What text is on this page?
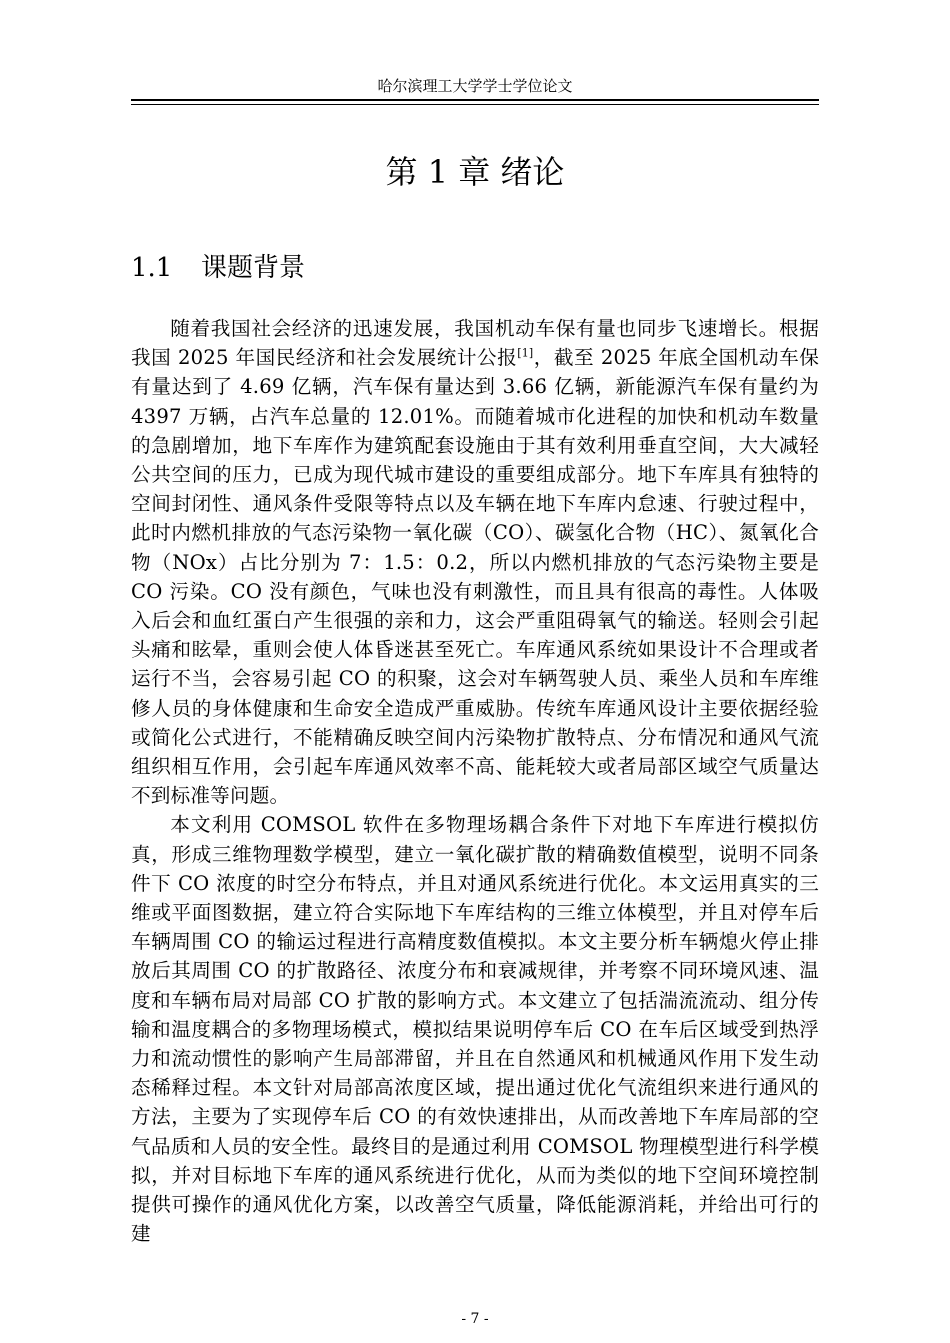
哈尔滨理工大学学士学位论文
第 1 章 绪论
1.1 课题背景

随着我国社会经济的迅速发展，我国机动车保有量也同步飞速增长。根据我国 2025 年国民经济和社会发展统计公报[1]，截至 2025 年底全国机动车保有量达到了 4.69 亿辆，汽车保有量达到 3.66 亿辆，新能源汽车保有量约为 4397 万辆，占汽车总量的 12.01%。而随着城市化进程的加快和机动车数量的急剧增加，地下车库作为建筑配套设施由于其有效利用垂直空间，大大减轻公共空间的压力，已成为现代城市建设的重要组成部分。地下车库具有独特的空间封闭性、通风条件受限等特点以及车辆在地下车库内怠速、行驶过程中，此时内燃机排放的气态污染物一氧化碳（CO）、碳氢化合物（HC）、氮氧化合物（NOx）占比分别为 7：1.5：0.2，所以内燃机排放的气态污染物主要是 CO 污染。CO 没有颜色，气味也没有刺激性，而且具有很高的毒性。人体吸入后会和血红蛋白产生很强的亲和力，这会严重阻碍氧气的输送。轻则会引起头痛和眩晕，重则会使人体昏迷甚至死亡。车库通风系统如果设计不合理或者运行不当，会容易引起 CO 的积聚，这会对车辆驾驶人员、乘坐人员和车库维修人员的身体健康和生命安全造成严重威胁。传统车库通风设计主要依据经验或简化公式进行，不能精确反映空间内污染物扩散特点、分布情况和通风气流组织相互作用，会引起车库通风效率不高、能耗较大或者局部区域空气质量达不到标准等问题。

本文利用 COMSOL 软件在多物理场耦合条件下对地下车库进行模拟仿真，形成三维物理数学模型，建立一氧化碳扩散的精确数值模型，说明不同条件下 CO 浓度的时空分布特点，并且对通风系统进行优化。本文运用真实的三维或平面图数据，建立符合实际地下车库结构的三维立体模型，并且对停车后车辆周围 CO 的输运过程进行高精度数值模拟。本文主要分析车辆熄火停止排放后其周围 CO 的扩散路径、浓度分布和衰减规律，并考察不同环境风速、温度和车辆布局对局部 CO 扩散的影响方式。本文建立了包括湍流流动、组分传输和温度耦合的多物理场模式，模拟结果说明停车后 CO 在车后区域受到热浮力和流动惯性的影响产生局部滞留，并且在自然通风和机械通风作用下发生动态稀释过程。本文针对局部高浓度区域，提出通过优化气流组织来进行通风的方法，主要为了实现停车后 CO 的有效快速排出，从而改善地下车库局部的空气品质和人员的安全性。最终目的是通过利用 COMSOL 物理模型进行科学模拟，并对目标地下车库的通风系统进行优化，从而为类似的地下空间环境控制提供可操作的通风优化方案，以改善空气质量，降低能源消耗，并给出可行的建

- 7 -
